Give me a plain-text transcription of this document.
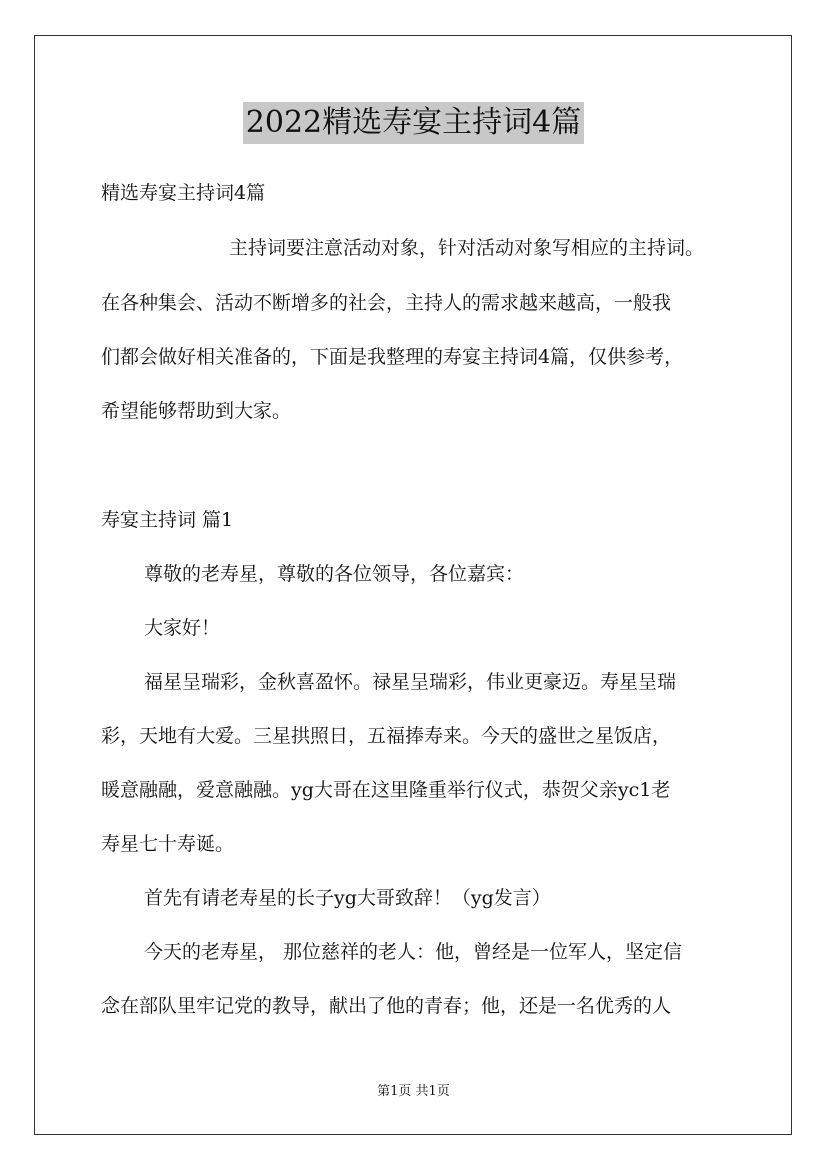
2022精选寿宴主持词4篇
精选寿宴主持词4篇
主持词要注意活动对象，针对活动对象写相应的主持词。
在各种集会、活动不断增多的社会，主持人的需求越来越高，一般我
们都会做好相关准备的，下面是我整理的寿宴主持词4篇，仅供参考，
希望能够帮助到大家。
寿宴主持词 篇1
尊敬的老寿星，尊敬的各位领导，各位嘉宾：
大家好！
福星呈瑞彩，金秋喜盈怀。禄星呈瑞彩，伟业更豪迈。寿星呈瑞
彩，天地有大爱。三星拱照日，五福捧寿来。今天的盛世之星饭店，
暖意融融，爱意融融。yg大哥在这里隆重举行仪式，恭贺父亲yc1老
寿星七十寿诞。
首先有请老寿星的长子yg大哥致辞！（yg发言）
今天的老寿星， 那位慈祥的老人：他，曾经是一位军人，坚定信
念在部队里牢记党的教导，献出了他的青春；他，还是一名优秀的人
第1页 共1页
